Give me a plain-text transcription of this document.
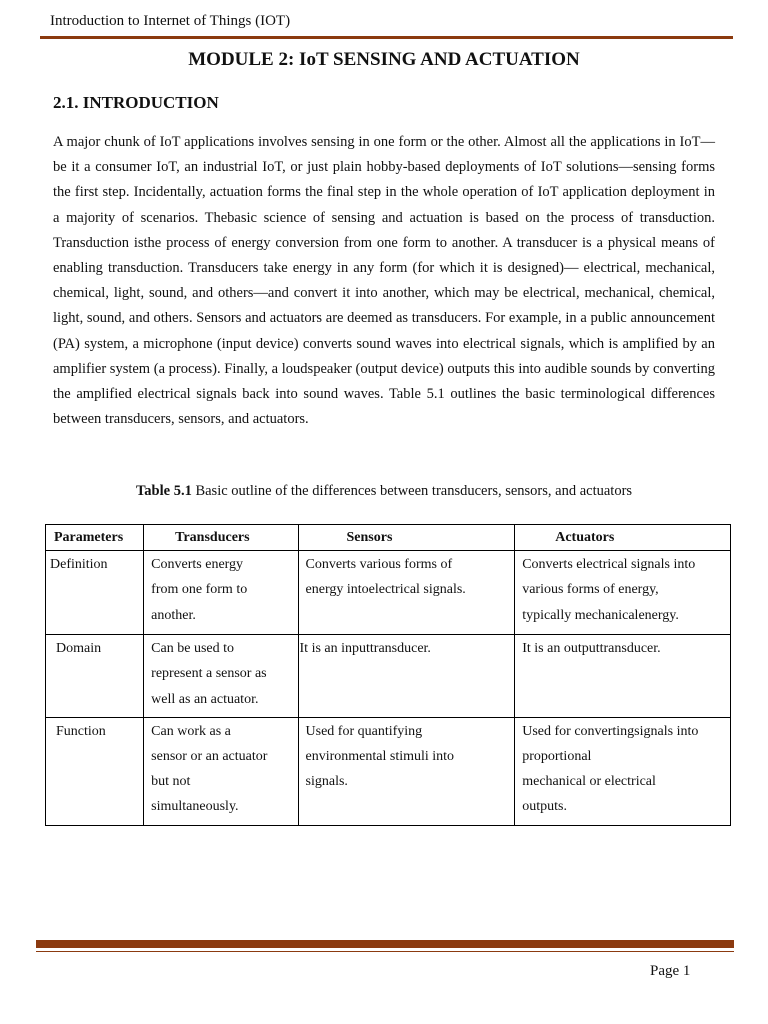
Introduction to Internet of Things (IOT)
MODULE 2: IoT SENSING AND ACTUATION
2.1. INTRODUCTION

A major chunk of IoT applications involves sensing in one form or the other. Almost all the applications in IoT—be it a consumer IoT, an industrial IoT, or just plain hobby-based deployments of IoT solutions—sensing forms the first step. Incidentally, actuation forms the final step in the whole operation of IoT application deployment in a majority of scenarios. Thebasic science of sensing and actuation is based on the process of transduction. Transduction isthe process of energy conversion from one form to another. A transducer is a physical means of enabling transduction. Transducers take energy in any form (for which it is designed)— electrical, mechanical, chemical, light, sound, and others—and convert it into another, which may be electrical, mechanical, chemical, light, sound, and others. Sensors and actuators are deemed as transducers. For example, in a public announcement (PA) system, a microphone (input device) converts sound waves into electrical signals, which is amplified by an amplifier system (a process). Finally, a loudspeaker (output device) outputs this into audible sounds by converting the amplified electrical signals back into sound waves. Table 5.1 outlines the basic terminological differences between transducers, sensors, and actuators.

Table 5.1 Basic outline of the differences between transducers, sensors, and actuators
Parameters	Transducers	Sensors	Actuators
Definition	Converts energy
from one form to
another.	Converts various forms of
energy intoelectrical signals.	Converts electrical signals into
various forms of energy,
typically mechanicalenergy.

Domain	Can be used to
represent a sensor as
well as an actuator.	It is an inputtransducer.	It is an outputtransducer.

Function	Can work as a
sensor or an actuator
but not
simultaneously.	Used for quantifying
environmental stimuli into
signals.	Used for convertingsignals into
proportional
mechanical or electrical
outputs.
Page 1
